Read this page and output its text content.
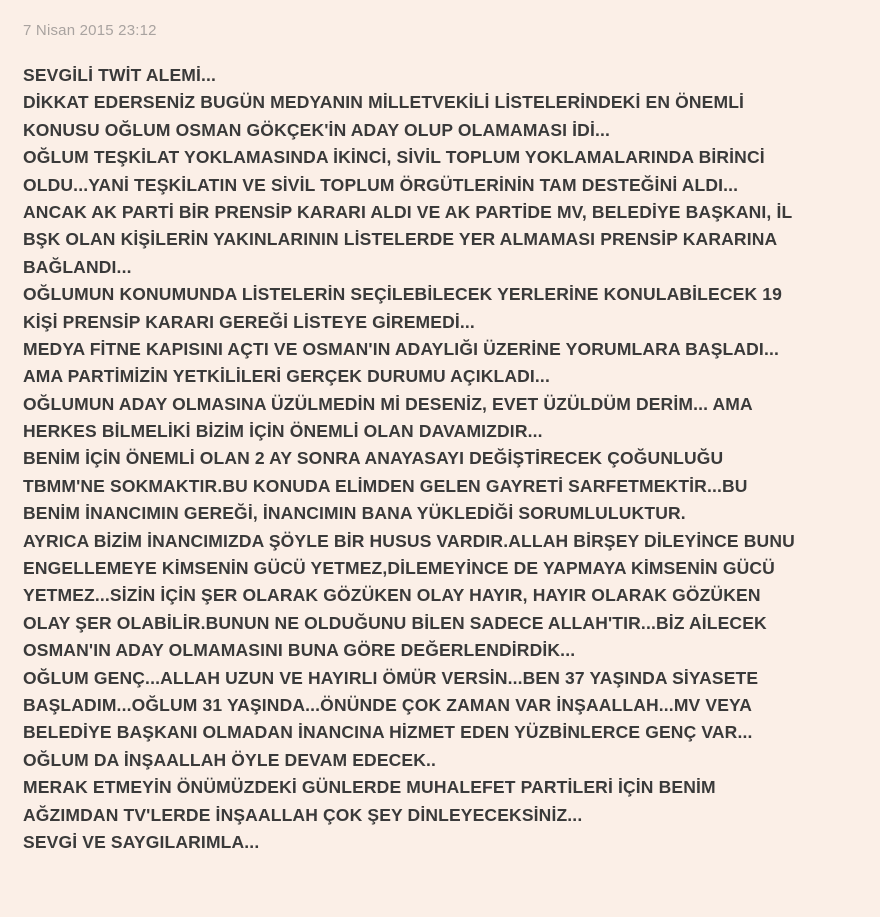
7 Nisan 2015 23:12
SEVGİLİ TWİT ALEMİ...
DİKKAT EDERSENİZ BUGÜN MEDYANIN MİLLETVEKİLİ LİSTELERİNDEKİ EN ÖNEMLİ
KONUSU OĞLUM OSMAN GÖKÇEK'İN ADAY OLUP OLAMAMASI İDİ...
OĞLUM TEŞKİLAT YOKLAMASINDA İKİNCİ, SİVİL TOPLUM YOKLAMALARINDA BİRİNCİ
OLDU...YANİ TEŞKİLATIN VE SİVİL TOPLUM ÖRGÜTLERİNİN TAM DESTEĞİNİ ALDI...
ANCAK AK PARTİ BİR PRENSİP KARARI ALDI VE AK PARTİDE MV, BELEDİYE BAŞKANI, İL
BŞK OLAN KİŞİLERİN YAKINLARININ LİSTELERDE YER ALMAMASI PRENSİP KARARINA
BAĞLANDI...
OĞLUMUN KONUMUNDA LİSTELERİN SEÇİLEBİLECEK YERLERİNE KONULABİLECEK 19
KİŞİ PRENSİP KARARI GEREĞİ LİSTEYE GİREMEDİ...
MEDYA FİTNE KAPISINI AÇTI VE OSMAN'IN ADAYLIĞI ÜZERİNE YORUMLARA BAŞLADI...
AMA PARTİMİZİN YETKİLİLERİ GERÇEK DURUMU AÇIKLADI...
OĞLUMUN ADAY OLMASINA ÜZÜLMEDİN Mİ DESENİZ, EVET ÜZÜLDÜM DERİM... AMA
HERKES BİLMELİKİ BİZİM İÇİN ÖNEMLİ OLAN DAVAMIZDIR...
BENİM İÇİN ÖNEMLİ OLAN 2 AY SONRA ANAYASAYI DEĞİŞTİRECEK ÇOĞUNLUĞU
TBMM'NE SOKMAKTIR.BU KONUDA ELİMDEN GELEN GAYRETİ SARFETMEKTİR...BU
BENİM İNANCIMIN GEREĞİ, İNANCIMIN BANA YÜKLEDİĞİ SORUMLULUKTUR.
AYRICA BİZİM İNANCIMIZDA ŞÖYLE BİR HUSUS VARDIR.ALLAH BİRŞEY DİLEYİNCE BUNU
ENGELLEMEYE KİMSENİN GÜCÜ YETMEZ,DİLEMEYİNCE DE YAPMAYA KİMSENİN GÜCÜ
YETMEZ...SİZİN İÇİN ŞER OLARAK GÖZÜKEN OLAY HAYIR, HAYIR OLARAK GÖZÜKEN
OLAY ŞER OLABİLİR.BUNUN NE OLDUĞUNU BİLEN SADECE ALLAH'TIR...BİZ AİLECEK
OSMAN'IN ADAY OLMAMASINI BUNA GÖRE DEĞERLENDİRDİK...
OĞLUM GENÇ...ALLAH UZUN VE HAYIRLI ÖMÜR VERSİN...BEN 37 YAŞINDA SİYASETE
BAŞLADIM...OĞLUM 31 YAŞINDA...ÖNÜNDE ÇOK ZAMAN VAR İNŞAALLAH...MV VEYA
BELEDİYE BAŞKANI OLMADAN İNANCINA HİZMET EDEN YÜZBİNLERCE GENÇ VAR...
OĞLUM DA İNŞAALLAH ÖYLE DEVAM EDECEK..
MERAK ETMEYİN ÖNÜMÜZDEKİ GÜNLERDE MUHALEFET PARTİLERİ İÇİN BENİM
AĞZIMDAN TV'LERDE İNŞAALLAH ÇOK ŞEY DİNLEYECEKSİNİZ...
SEVGİ VE SAYGILARIMLA...
